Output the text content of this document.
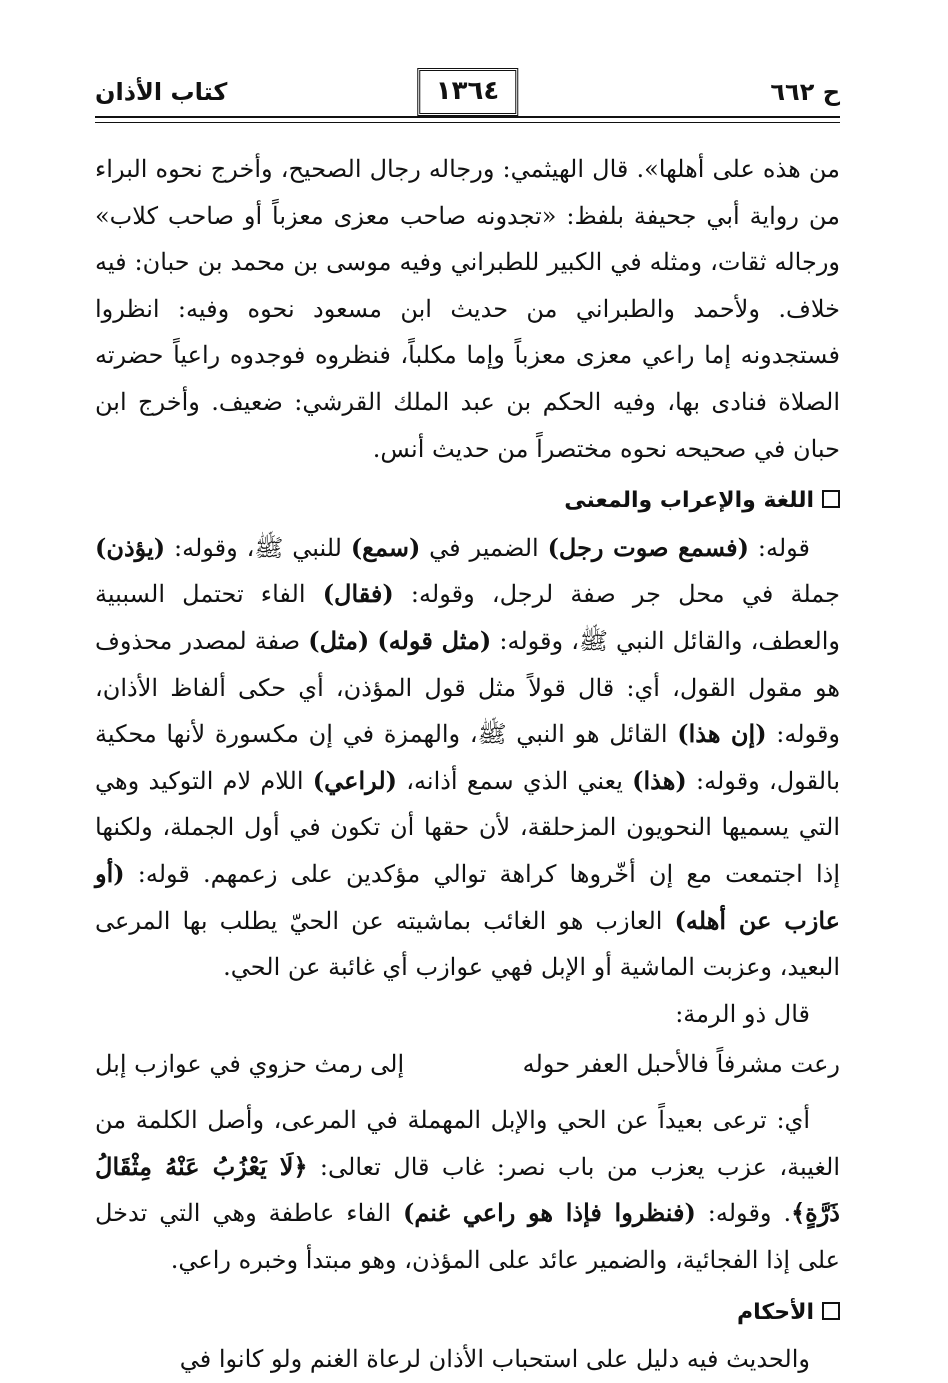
ح ٦٦٢
١٣٦٤
كتاب الأذان

من هذه على أهلها». قال الهيثمي: ورجاله رجال الصحيح، وأخرج نحوه البراء من رواية أبي جحيفة بلفظ: «تجدونه صاحب معزى معزباً أو صاحب كلاب» ورجاله ثقات، ومثله في الكبير للطبراني وفيه موسى بن محمد بن حبان: فيه خلاف. ولأحمد والطبراني من حديث ابن مسعود نحوه وفيه: انظروا فستجدونه إما راعي معزى معزباً وإما مكلباً، فنظروه فوجدوه راعياً حضرته الصلاة فنادى بها، وفيه الحكم بن عبد الملك القرشي: ضعيف. وأخرج ابن حبان في صحيحه نحوه مختصراً من حديث أنس.

اللغة والإعراب والمعنى

قوله: (فسمع صوت رجل) الضمير في (سمع) للنبي ﷺ، وقوله: (يؤذن) جملة في محل جر صفة لرجل، وقوله: (فقال) الفاء تحتمل السببية والعطف، والقائل النبي ﷺ، وقوله: (مثل قوله) (مثل) صفة لمصدر محذوف هو مقول القول، أي: قال قولاً مثل قول المؤذن، أي حكى ألفاظ الأذان، وقوله: (إن هذا) القائل هو النبي ﷺ، والهمزة في إن مكسورة لأنها محكية بالقول، وقوله: (هذا) يعني الذي سمع أذانه، (لراعي) اللام لام التوكيد وهي التي يسميها النحويون المزحلقة، لأن حقها أن تكون في أول الجملة، ولكنها إذا اجتمعت مع إن أخّروها كراهة توالي مؤكدين على زعمهم. قوله: (أو عازب عن أهله) العازب هو الغائب بماشيته عن الحيّ يطلب بها المرعى البعيد، وعزبت الماشية أو الإبل فهي عوازب أي غائبة عن الحي.

قال ذو الرمة:

رعت مشرفاً فالأحبل العفر حوله
إلى رمث حزوي في عوازب إبل

أي: ترعى بعيداً عن الحي والإبل المهملة في المرعى، وأصل الكلمة من الغيبة، عزب يعزب من باب نصر: غاب قال تعالى: ﴿لَا يَعْزُبُ عَنْهُ مِثْقَالُ ذَرَّةٍ﴾. وقوله: (فنظروا فإذا هو راعي غنم) الفاء عاطفة وهي التي تدخل على إذا الفجائية، والضمير عائد على المؤذن، وهو مبتدأ وخبره راعي.

الأحكام

والحديث فيه دليل على استحباب الأذان لرعاة الغنم ولو كانوا في
